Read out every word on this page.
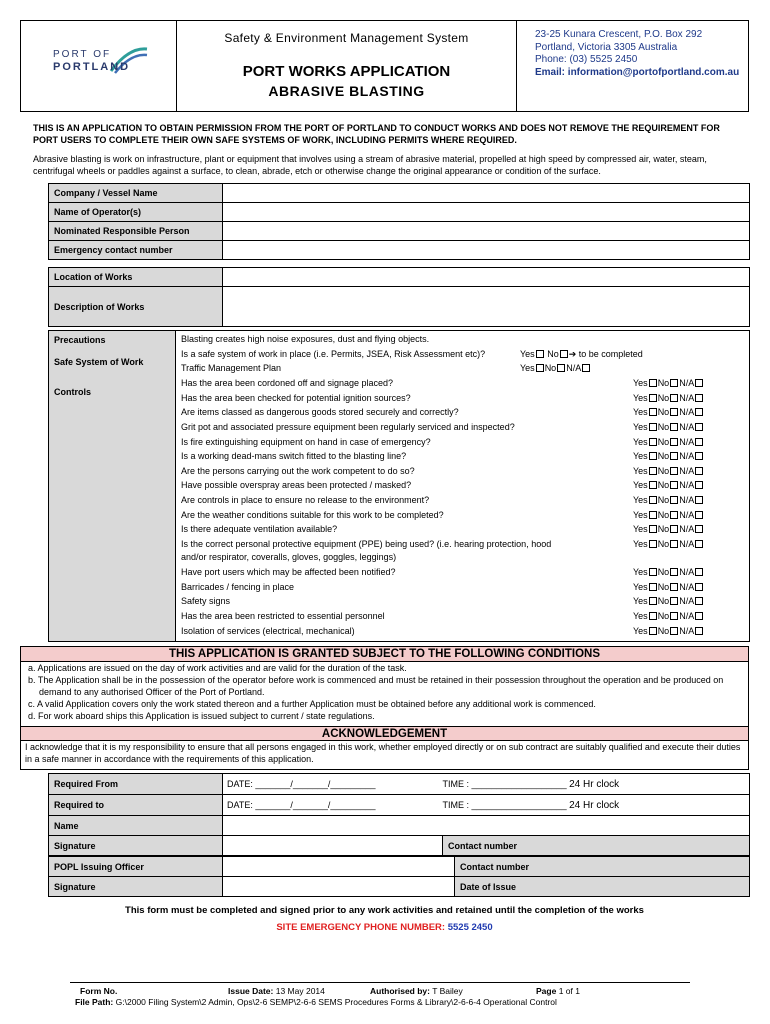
PORT OF
PORTLAND
Safety & Environment Management System
PORT WORKS APPLICATION
ABRASIVE BLASTING
23-25 Kunara Crescent, P.O. Box 292
Portland, Victoria 3305 Australia
Phone: (03) 5525 2450
Email: information@portofportland.com.au
THIS IS AN APPLICATION TO OBTAIN PERMISSION FROM THE PORT OF PORTLAND TO CONDUCT WORKS AND DOES NOT REMOVE THE REQUIREMENT FOR PORT USERS TO COMPLETE THEIR OWN SAFE SYSTEMS OF WORK, INCLUDING PERMITS WHERE REQUIRED.
Abrasive blasting is work on infrastructure, plant or equipment that involves using a stream of abrasive material, propelled at high speed by compressed air, water, steam, centrifugal wheels or paddles against a surface, to clean, abrade, etch or otherwise change the original appearance or condition of the surface.
Company / Vessel Name	
Name of Operator(s)	
Nominated Responsible Person	
Emergency contact number	
Location of Works	
Description of Works	
Precautions
Safe System of Work
Controls
Blasting creates high noise exposures, dust and flying objects.
Is a safe system of work in place (i.e. Permits, JSEA, Risk Assessment etc)?	Yes No ➔ to be completed
Traffic Management Plan	Yes No N/A
Has the area been cordoned off and signage placed?	Yes No N/A
Has the area been checked for potential ignition sources?	Yes No N/A
Are items classed as dangerous goods stored securely and correctly?	Yes No N/A
Grit pot and associated pressure equipment been regularly serviced and inspected?	Yes No N/A
Is fire extinguishing equipment on hand in case of emergency?	Yes No N/A
Is a working dead-mans switch fitted to the blasting line?	Yes No N/A
Are the persons carrying out the work competent to do so?	Yes No N/A
Have possible overspray areas been protected / masked?	Yes No N/A
Are controls in place to ensure no release to the environment?	Yes No N/A
Are the weather conditions suitable for this work to be completed?	Yes No N/A
Is there adequate ventilation available?	Yes No N/A
Is the correct personal protective equipment (PPE) being used? (i.e. hearing protection, hood	Yes No N/A
and/or respirator, coveralls, gloves, goggles, leggings)
Have port users which may be affected been notified?	Yes No N/A
Barricades / fencing in place	Yes No N/A
Safety signs	Yes No N/A
Has the area been restricted to essential personnel	Yes No N/A
Isolation of services (electrical, mechanical)	Yes No N/A
THIS APPLICATION IS GRANTED SUBJECT TO THE FOLLOWING CONDITIONS
a. Applications are issued on the day of work activities and are valid for the duration of the task.
b. The Application shall be in the possession of the operator before work is commenced and must be retained in their possession throughout the operation and be produced on demand to any authorised Officer of the Port of Portland.
c. A valid Application covers only the work stated thereon and a further Application must be obtained before any additional work is commenced.
d. For work aboard ships this Application is issued subject to current / state regulations.
ACKNOWLEDGEMENT
I acknowledge that it is my responsibility to ensure that all persons engaged in this work, whether employed directly or on sub contract are suitably qualified and execute their duties in a safe manner in accordance with the requirements of this application.
Required From	DATE: _______/_______/_________	TIME : ___________________ 24 Hr clock
Required to	DATE: _______/_______/_________	TIME : ___________________ 24 Hr clock
Name		
Signature		Contact number
POPL Issuing Officer		Contact number
Signature		Date of Issue
This form must be completed and signed prior to any work activities and retained until the completion of the works
SITE EMERGENCY PHONE NUMBER: 5525 2450
Form No.	Issue Date: 13 May 2014	Authorised by: T Bailey	Page 1 of 1
File Path: G:\2000 Filing System\2 Admin, Ops\2-6 SEMP\2-6-6 SEMS Procedures Forms & Library\2-6-6-4 Operational Control
